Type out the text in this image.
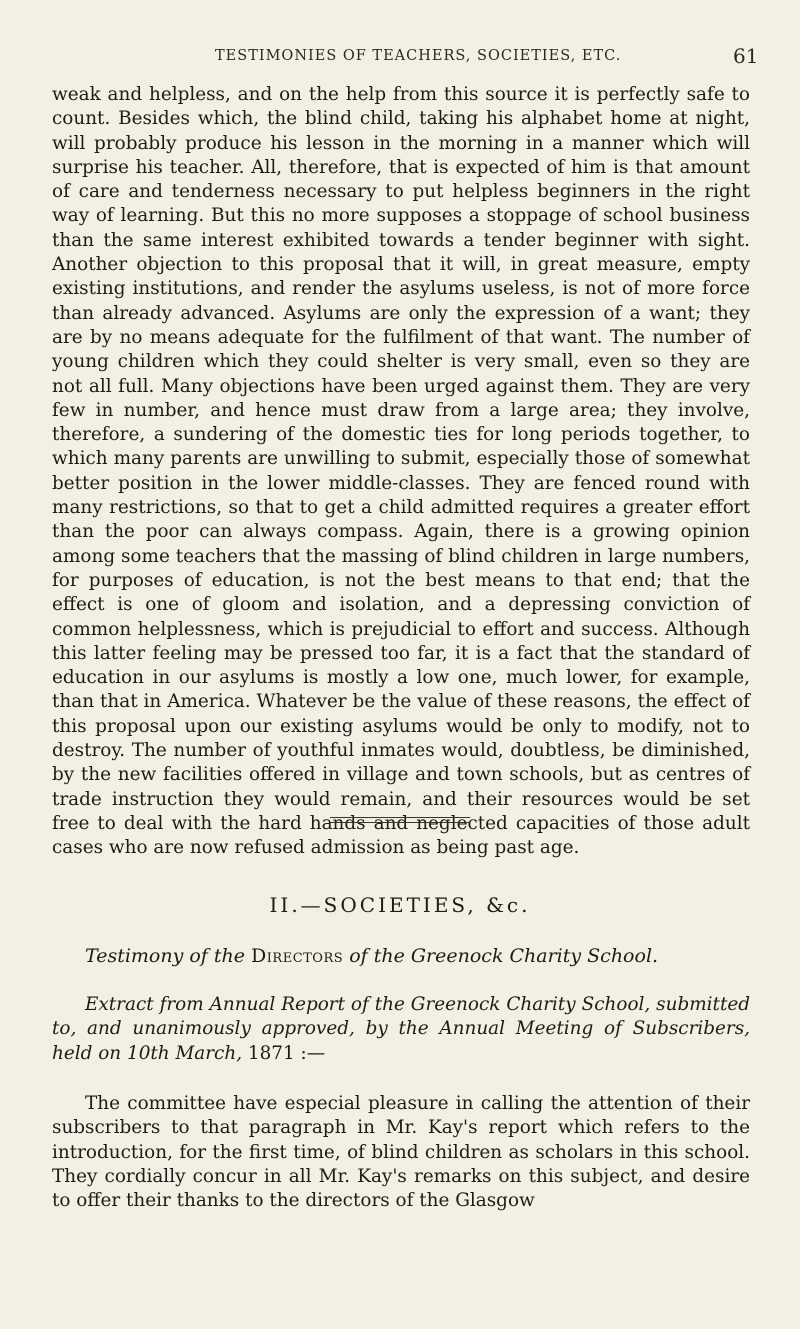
TESTIMONIES OF TEACHERS, SOCIETIES, ETC.	61

weak and helpless, and on the help from this source it is perfectly safe to count. Besides which, the blind child, taking his alphabet home at night, will probably produce his lesson in the morning in a manner which will surprise his teacher. All, therefore, that is expected of him is that amount of care and tenderness necessary to put helpless beginners in the right way of learning. But this no more supposes a stoppage of school business than the same interest exhibited towards a tender beginner with sight. Another objection to this proposal that it will, in great measure, empty existing institutions, and render the asylums useless, is not of more force than already advanced. Asylums are only the expression of a want; they are by no means adequate for the fulfilment of that want. The number of young children which they could shelter is very small, even so they are not all full. Many objections have been urged against them. They are very few in number, and hence must draw from a large area; they involve, therefore, a sundering of the domestic ties for long periods together, to which many parents are unwilling to submit, especially those of somewhat better position in the lower middle-classes. They are fenced round with many restrictions, so that to get a child admitted requires a greater effort than the poor can always compass. Again, there is a growing opinion among some teachers that the massing of blind children in large numbers, for purposes of education, is not the best means to that end; that the effect is one of gloom and isolation, and a depressing conviction of common helplessness, which is prejudicial to effort and success. Although this latter feeling may be pressed too far, it is a fact that the standard of education in our asylums is mostly a low one, much lower, for example, than that in America. Whatever be the value of these reasons, the effect of this proposal upon our existing asylums would be only to modify, not to destroy. The number of youthful inmates would, doubtless, be diminished, by the new facilities offered in village and town schools, but as centres of trade instruction they would remain, and their resources would be set free to deal with the hard hands and neglected capacities of those adult cases who are now refused admission as being past age.

II.—SOCIETIES, &c.
Testimony of the Directors of the Greenock Charity School.

Extract from Annual Report of the Greenock Charity School, submitted to, and unanimously approved, by the Annual Meeting of Subscribers, held on 10th March, 1871 :—

The committee have especial pleasure in calling the attention of their subscribers to that paragraph in Mr. Kay's report which refers to the introduction, for the first time, of blind children as scholars in this school. They cordially concur in all Mr. Kay's remarks on this subject, and desire to offer their thanks to the directors of the Glasgow
